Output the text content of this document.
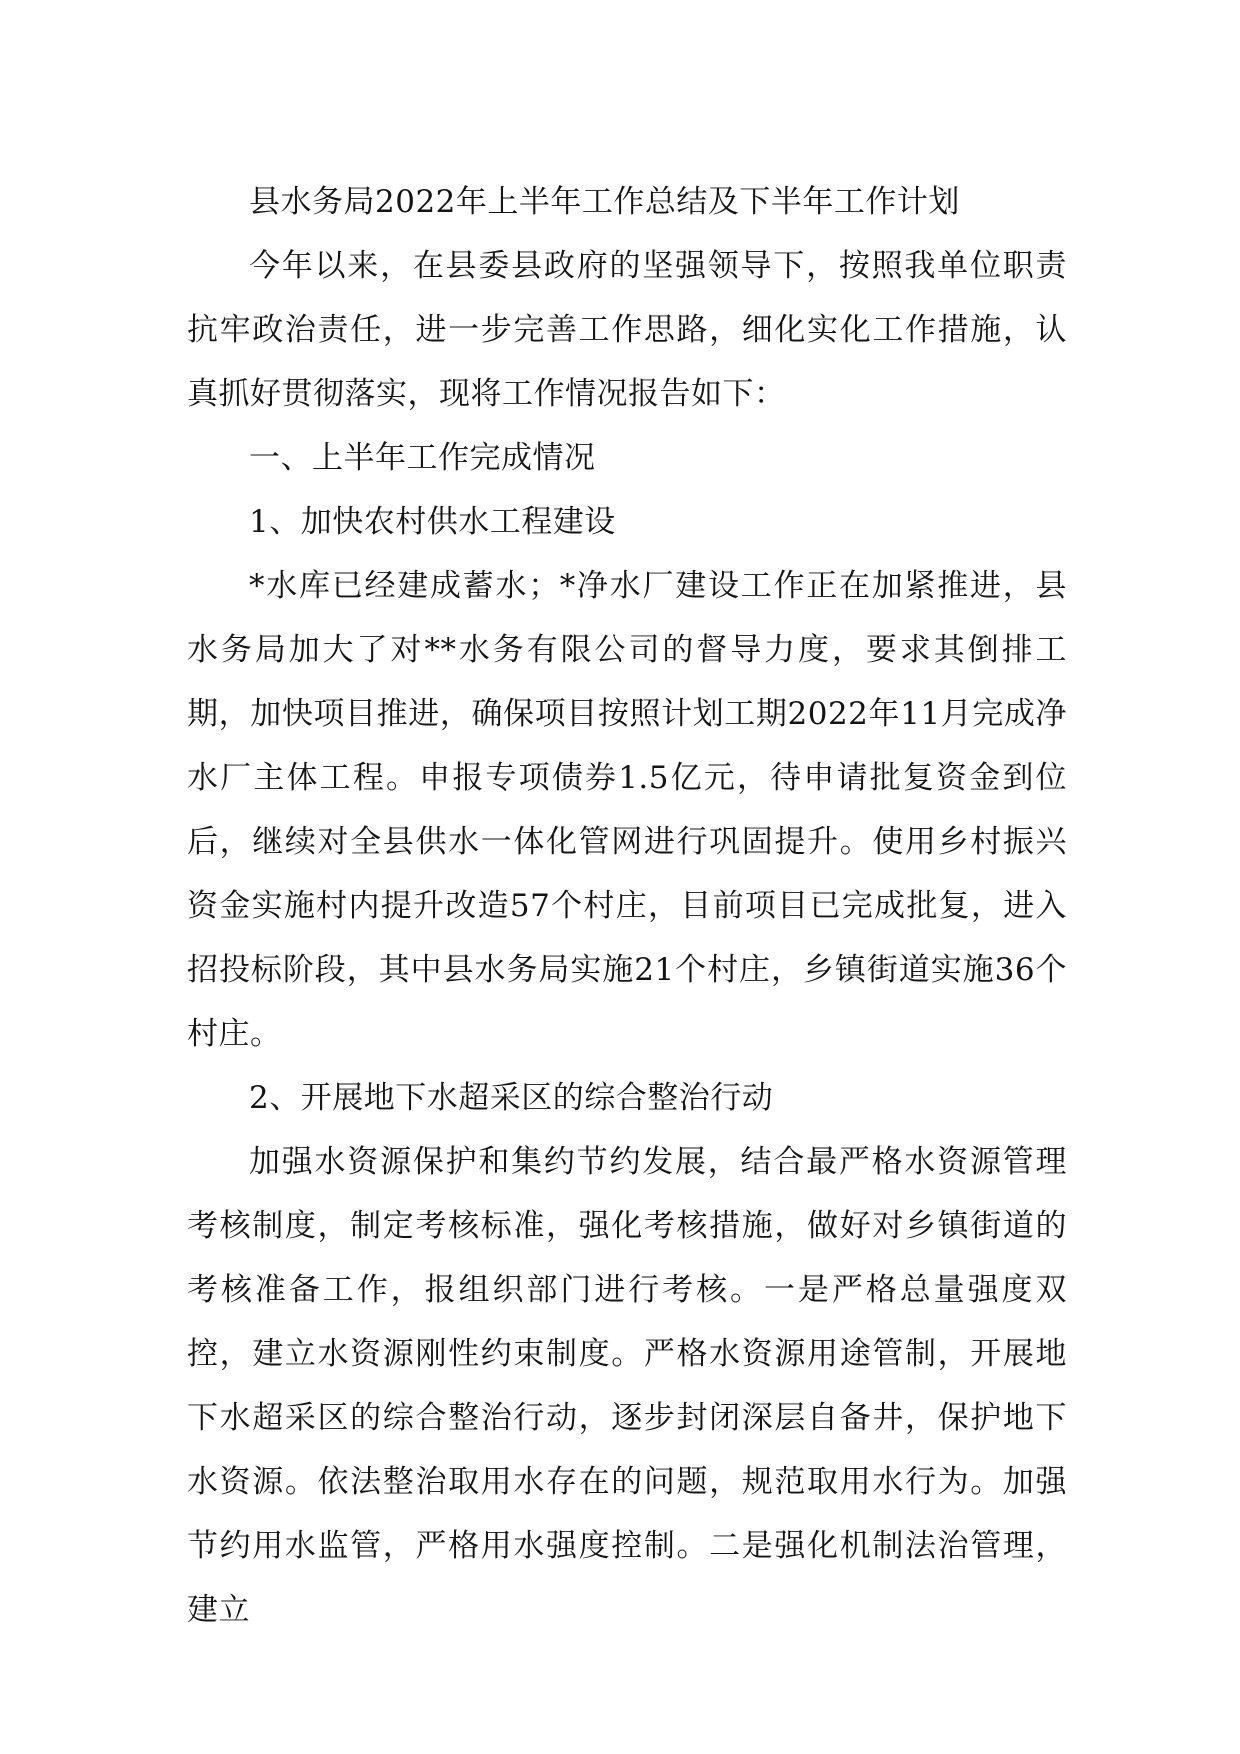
县水务局2022年上半年工作总结及下半年工作计划

今年以来，在县委县政府的坚强领导下，按照我单位职责抗牢政治责任，进一步完善工作思路，细化实化工作措施，认真抓好贯彻落实，现将工作情况报告如下：

一、上半年工作完成情况

1、加快农村供水工程建设

*水库已经建成蓄水；*净水厂建设工作正在加紧推进，县水务局加大了对**水务有限公司的督导力度，要求其倒排工期，加快项目推进，确保项目按照计划工期2022年11月完成净水厂主体工程。申报专项债券1.5亿元，待申请批复资金到位后，继续对全县供水一体化管网进行巩固提升。使用乡村振兴资金实施村内提升改造57个村庄，目前项目已完成批复，进入招投标阶段，其中县水务局实施21个村庄，乡镇街道实施36个村庄。

2、开展地下水超采区的综合整治行动

加强水资源保护和集约节约发展，结合最严格水资源管理考核制度，制定考核标准，强化考核措施，做好对乡镇街道的考核准备工作，报组织部门进行考核。一是严格总量强度双控，建立水资源刚性约束制度。严格水资源用途管制，开展地下水超采区的综合整治行动，逐步封闭深层自备井，保护地下水资源。依法整治取用水存在的问题，规范取用水行为。加强节约用水监管，严格用水强度控制。二是强化机制法治管理，建立
